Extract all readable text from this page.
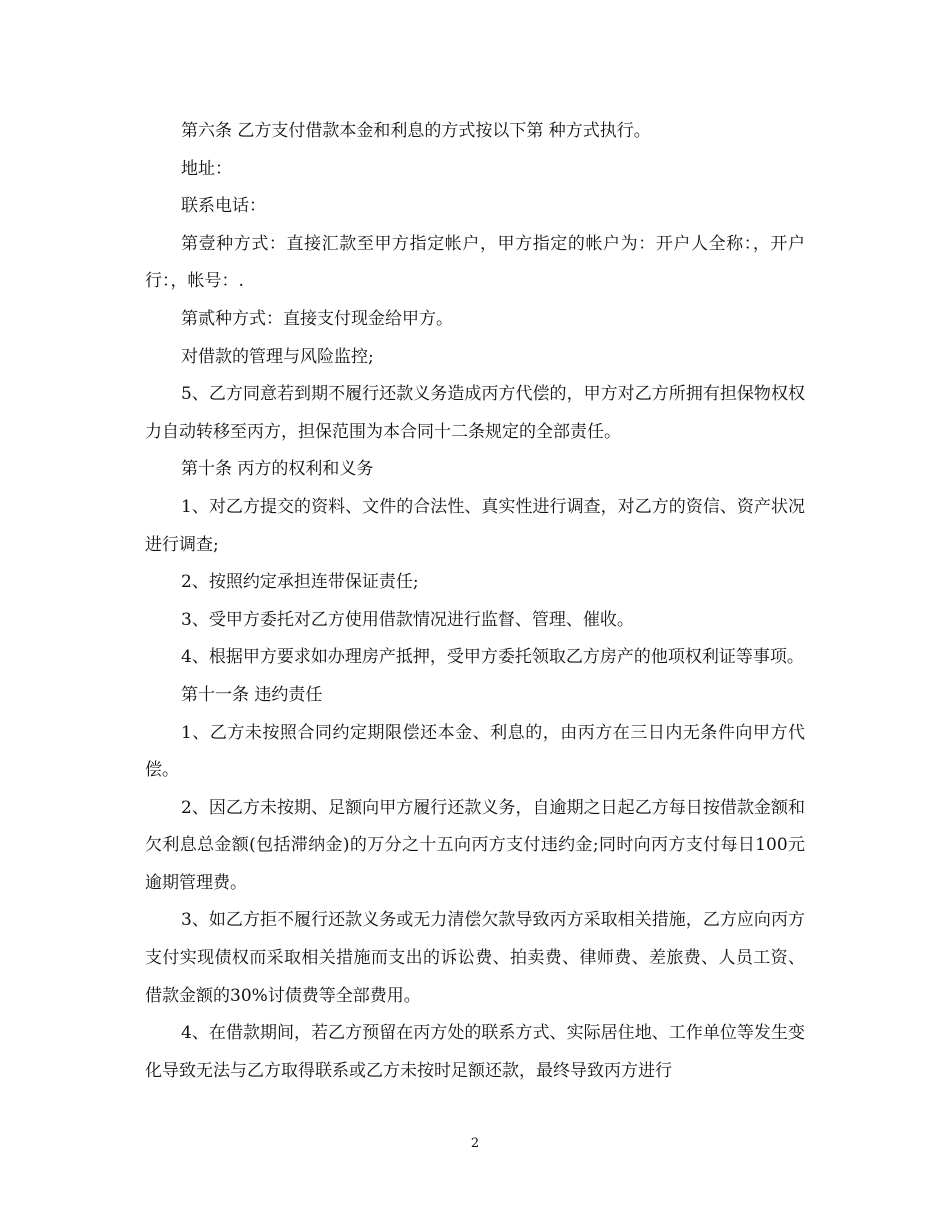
第六条 乙方支付借款本金和利息的方式按以下第 种方式执行。

地址：

联系电话：

第壹种方式：直接汇款至甲方指定帐户，甲方指定的帐户为：开户人全称：，开户行：，帐号：.

第贰种方式：直接支付现金给甲方。

对借款的管理与风险监控;

5、乙方同意若到期不履行还款义务造成丙方代偿的，甲方对乙方所拥有担保物权权力自动转移至丙方，担保范围为本合同十二条规定的全部责任。

第十条 丙方的权利和义务

1、对乙方提交的资料、文件的合法性、真实性进行调查，对乙方的资信、资产状况进行调查;

2、按照约定承担连带保证责任;

3、受甲方委托对乙方使用借款情况进行监督、管理、催收。

4、根据甲方要求如办理房产抵押，受甲方委托领取乙方房产的他项权利证等事项。

第十一条 违约责任

1、乙方未按照合同约定期限偿还本金、利息的，由丙方在三日内无条件向甲方代偿。

2、因乙方未按期、足额向甲方履行还款义务，自逾期之日起乙方每日按借款金额和欠利息总金额(包括滞纳金)的万分之十五向丙方支付违约金;同时向丙方支付每日100元逾期管理费。

3、如乙方拒不履行还款义务或无力清偿欠款导致丙方采取相关措施，乙方应向丙方支付实现债权而采取相关措施而支出的诉讼费、拍卖费、律师费、差旅费、人员工资、借款金额的30%讨债费等全部费用。

4、在借款期间，若乙方预留在丙方处的联系方式、实际居住地、工作单位等发生变化导致无法与乙方取得联系或乙方未按时足额还款，最终导致丙方进行

2
